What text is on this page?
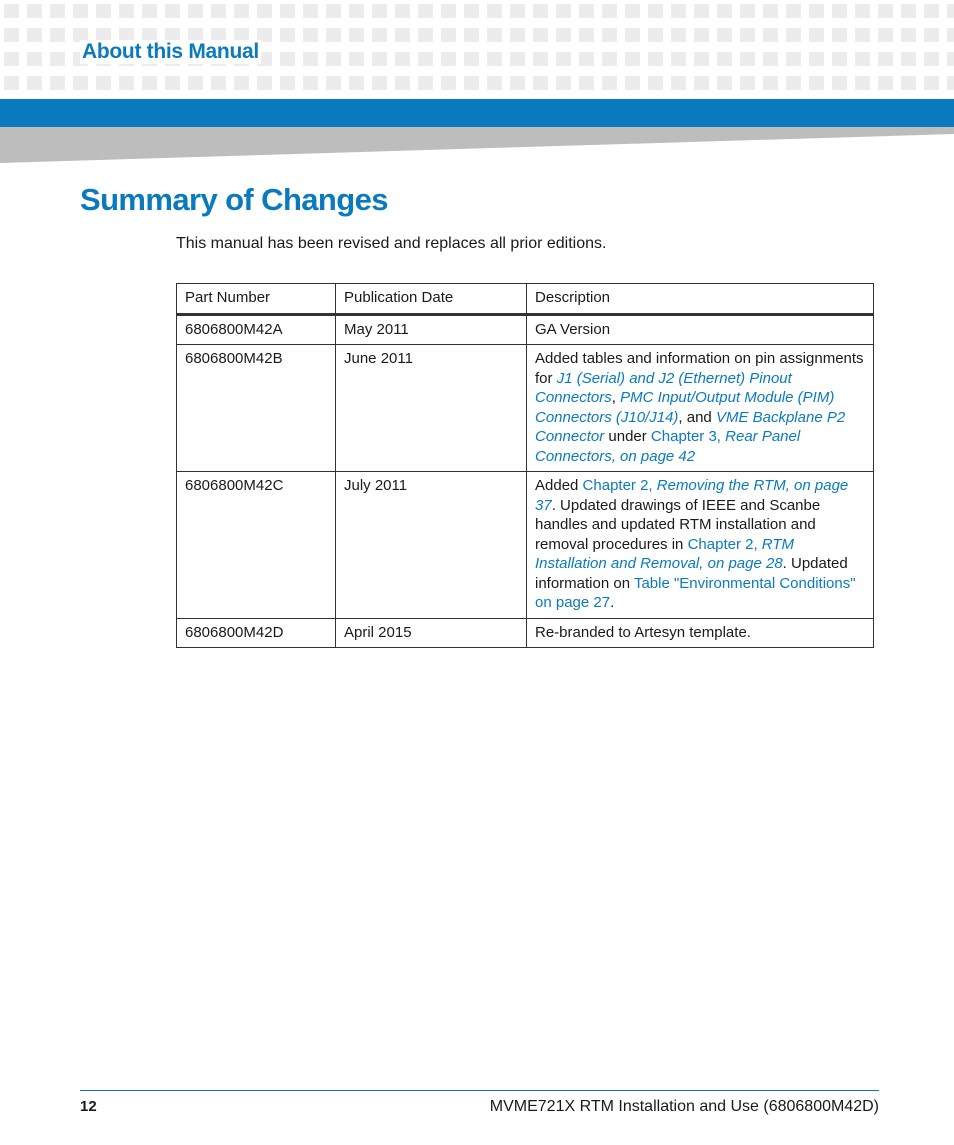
About this Manual
Summary of Changes

This manual has been revised and replaces all prior editions.

Part Number	Publication Date	Description
6806800M42A	May 2011	GA Version
6806800M42B	June 2011	Added tables and information on pin assignments for J1 (Serial) and J2 (Ethernet) Pinout Connectors, PMC Input/Output Module (PIM) Connectors (J10/J14), and VME Backplane P2 Connector under Chapter 3, Rear Panel Connectors, on page 42
6806800M42C	July 2011	Added Chapter 2, Removing the RTM, on page 37. Updated drawings of IEEE and Scanbe handles and updated RTM installation and removal procedures in Chapter 2, RTM Installation and Removal, on page 28. Updated information on Table "Environmental Conditions" on page 27.
6806800M42D	April 2015	Re-branded to Artesyn template.
12	MVME721X RTM Installation and Use (6806800M42D)
